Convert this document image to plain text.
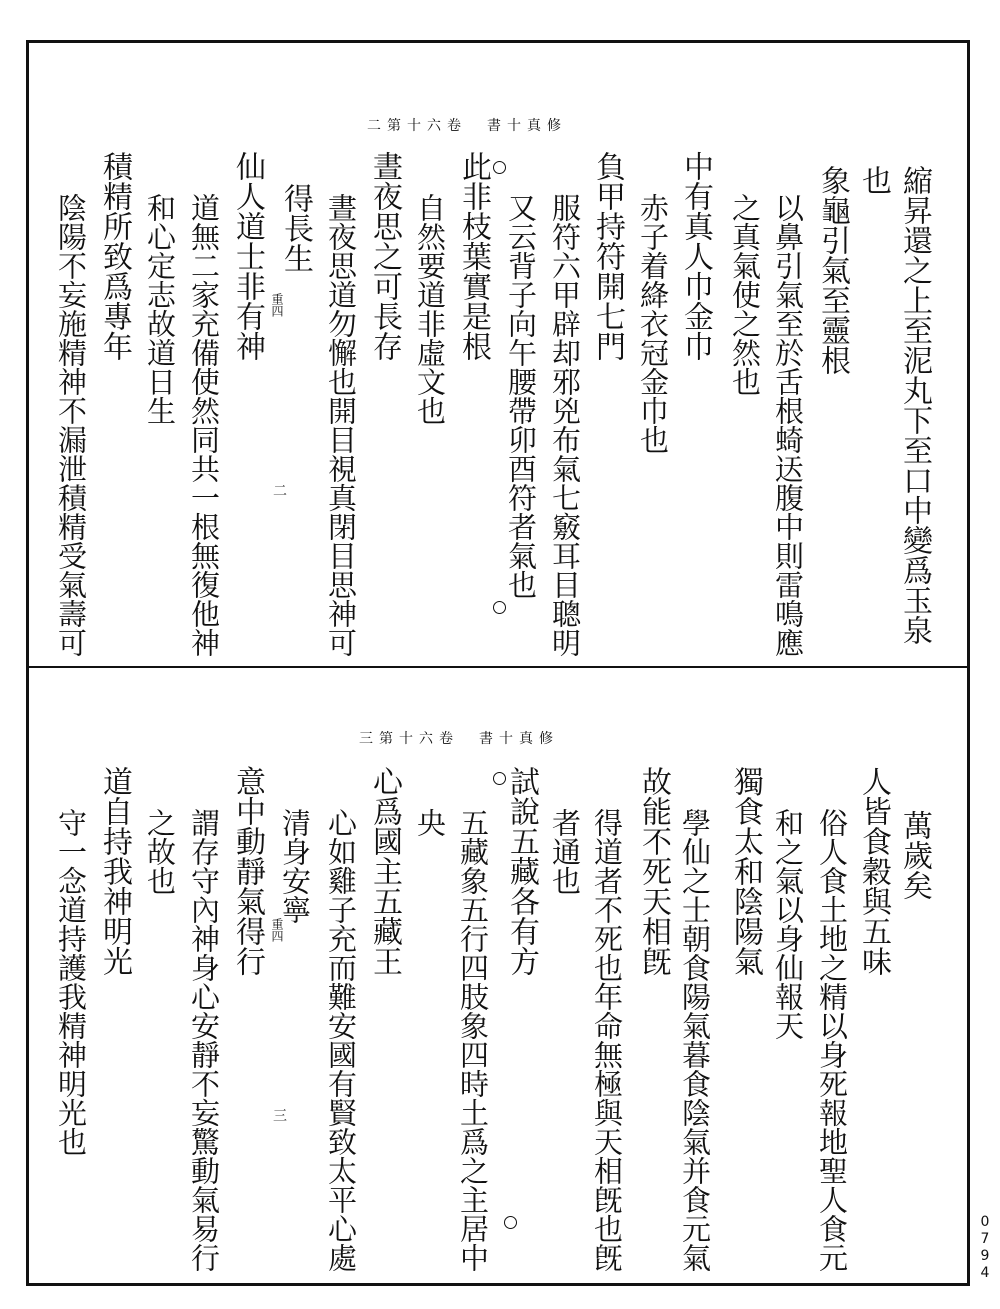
二第十六卷　書十真修
縮昇還之上至泥丸下至口中變爲玉泉
也
象龜引氣至靈根
以鼻引氣至於舌根䗁迗腹中則雷鳴應
之真氣使之然也
中有真人巾金巾
赤子着絳衣冠金巾也
負甲持符開七門
服符六甲辟却邪兇布氣七竅耳目聰明
又云背子向午腰帶卯酉符者氣也
此非枝葉實是根
自然要道非虛文也
晝夜思之可長存
晝夜思道勿懈也開目視真閉目思神可
得長生
仙人道士非有神
道無二家充備使然同共一根無復他神
和心定志故道日生
積精所致爲專年
陰陽不妄施精神不漏泄積精受氣壽可	重四
二
三第十六卷　書十真修
萬歲矣
人皆食穀與五味
俗人食土地之精以身死報地聖人食元
和之氣以身仙報天
獨食太和陰陽氣
學仙之士朝食陽氣暮食陰氣并食元氣
故能不死天相旣
得道者不死也年命無極與天相旣也旣
者通也
試說五藏各有方
五藏象五行四肢象四時土爲之主居中
央
心爲國主五藏王
心如雞子充而難安國有賢致太平心處
清身安寧
意中動靜氣得行
謂存守內神身心安靜不妄驚動氣易行
之故也
道自持我神明光
守一念道持護我精神明光也	重四
三
0794
